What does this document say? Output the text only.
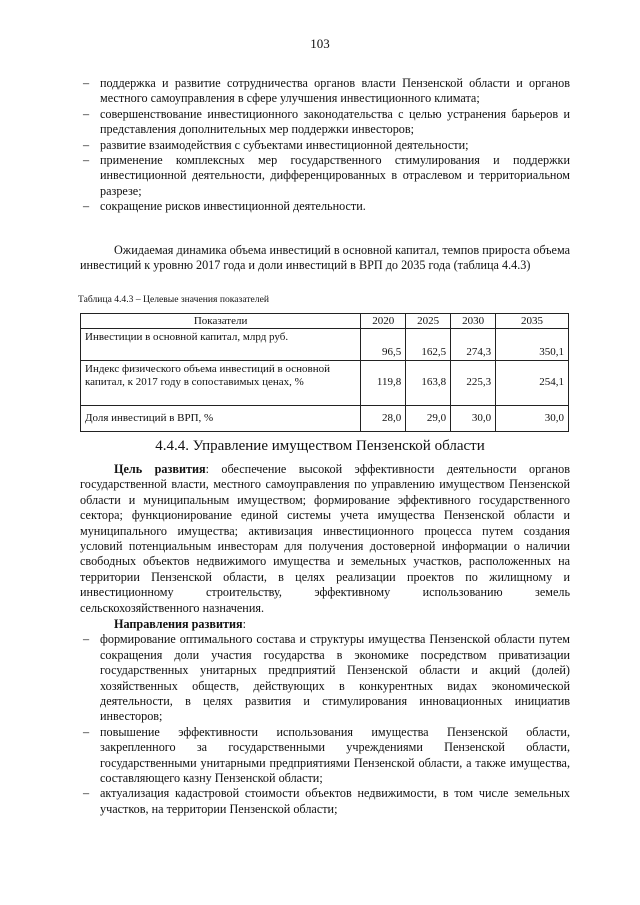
103
– поддержка и развитие сотрудничества органов власти Пензенской области и органов местного самоуправления в сфере улучшения инвестиционного климата;
– совершенствование инвестиционного законодательства с целью устранения барьеров и представления дополнительных мер поддержки инвесторов;
– развитие взаимодействия с субъектами инвестиционной деятельности;
– применение комплексных мер государственного стимулирования и поддержки инвестиционной деятельности, дифференцированных в отраслевом и территориальном разрезе;
– сокращение рисков инвестиционной деятельности.
Ожидаемая динамика объема инвестиций в основной капитал, темпов прироста объема инвестиций к уровню 2017 года и доли инвестиций в ВРП до 2035 года (таблица 4.4.3)
Таблица 4.4.3 – Целевые значения показателей
Показатели	2020	2025	2030	2035
Инвестиции в основной капитал, млрд руб.	96,5	162,5	274,3	350,1
Индекс физического объема инвестиций в основной капитал, к 2017 году в сопоставимых ценах, %	119,8	163,8	225,3	254,1
Доля инвестиций в ВРП, %	28,0	29,0	30,0	30,0
4.4.4. Управление имуществом Пензенской области
Цель развития: обеспечение высокой эффективности деятельности органов государственной власти, местного самоуправления по управлению имуществом Пензенской области и муниципальным имуществом; формирование эффективного государственного сектора; функционирование единой системы учета имущества Пензенской области и муниципального имущества; активизация инвестиционного процесса путем создания условий потенциальным инвесторам для получения достоверной информации о наличии свободных объектов недвижимого имущества и земельных участков, расположенных на территории Пензенской области, в целях реализации проектов по жилищному и инвестиционному строительству, эффективному использованию земель сельскохозяйственного назначения.
Направления развития:
– формирование оптимального состава и структуры имущества Пензенской области путем сокращения доли участия государства в экономике посредством приватизации государственных унитарных предприятий Пензенской области и акций (долей) хозяйственных обществ, действующих в конкурентных видах экономической деятельности, в целях развития и стимулирования инновационных инициатив инвесторов;
– повышение эффективности использования имущества Пензенской области, закрепленного за государственными учреждениями Пензенской области, государственными унитарными предприятиями Пензенской области, а также имущества, составляющего казну Пензенской области;
– актуализация кадастровой стоимости объектов недвижимости, в том числе земельных участков, на территории Пензенской области;
